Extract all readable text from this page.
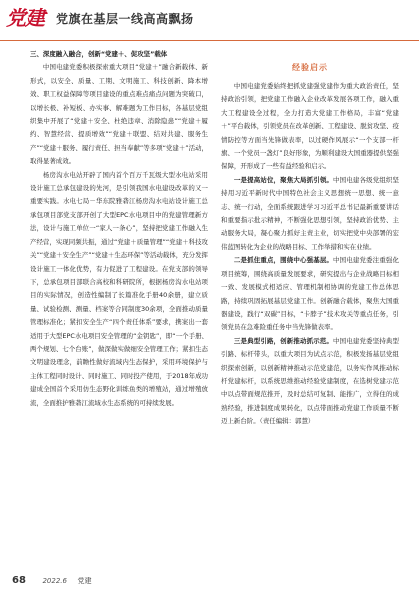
党建	党旗在基层一线高高飘扬

三、深度融入融合，创新“党建＋、促攻坚”载体

中国电建党委积极探索重大项目“党建＋”融合新载体、新形式，以安全、质量、工期、文明施工、科技创新、降本增效、职工权益保障等项目建设的重点难点痛点问题为突破口，以增长极、补短板、办实事、解难题为工作目标，各基层党组织集中开展了“党建＋安全、杜绝违章、消除隐患”“党建＋履约、智慧经营、提质增效”“党建＋联盟、结对共建、服务生产”“党建＋服务、履行责任、担当奉献”等多项“党建＋”活动，取得显著成效。

杨房沟水电站开辟了国内首个百万千瓦级大型水电站采用设计施工总承包建设的先河，是引领我国水电建设改革的又一重要实践。水电七局－华东院雅砻江杨房沟水电站设计施工总承包项目部党支部开创了大型EPC水电项目中的党建管理新方法，设计与施工单位一“家人一条心”，坚持把党建工作融入生产经营，实现同频共振，通过“党建＋质量管理”“党建＋科技攻关”“党建＋安全生产”“党建＋生态环保”等活动载体，充分发挥设计施工一体化优势，有力促进了工程建设。在党支部的领导下，总承包项目部联合高校和科研院所，根据杨房沟水电站项目的实际情况，创造性编制了长篇准化手册40余册，建立质量、试验检测、测量、档案等合同制度30余项，全面推动质量管理标准化；紧扣安全生产“四个责任体系”要求，携案出一套适用于大型EPC水电项目安全管理的“金钥匙”，即“一个手册、两个规划、七个台账”，做深做实做细安全管理工作；紧扣生态文明建设理念，前瞻性做好流域内生态保护，采用环境保护与主体工程同时设计、同时施工、同时投产使用，于2018年成功建成全国首个采用仿生态野化训练鱼类的增殖站，通过增殖放流，全面推护雅砻江流域水生态系统的可持续发展。

经验启示

中国电建党委始终把抓党建强党建作为重大政治责任，坚持政治引领，把党建工作融入企业改革发展各项工作，融入重大工程建设全过程，全力打造大党建工作格局，丰富“党建＋”平台载体，引领党员在改革创新、工程建设、脱贫攻坚、疫情防控等方面当先锋做表率，以过硬作风展示“一个支部一杆旗、一个党员一盏灯”良好形象，为顺利建设大国重器提供坚强保障，开形成了一些有益经验和启示。

一是提高站位，聚焦大局抓引领。中国电建各级党组织坚持用习近平新时代中国特色社会主义思想统一思想、统一意志、统一行动，全面系统跟进学习习近平总书记最新重要讲话和重要指示批示精神，不断强化思想引领，坚持政治优势、主动服务大局，凝心聚力抓好主责主业，切实把党中央部署的宏伟蓝图转化为企业的战略目标、工作举措和实在业绩。

二是抓住重点，围绕中心强基层。中国电建党委注重强化项目统筹，围绕高质量发展要求，研究提出与企业战略目标相一致、发展模式相适应、管理机制相协调的党建工作总体思路，持续巩固拓展基层党建工作。创新融合载体，聚焦大国重器建设，践行“双碳”目标，“卡脖子”技术攻关等重点任务，引领党员在急难险重任务中当先锋做表率。

三是典型引路，创新推动抓示范。中国电建党委坚持典型引路、标杆带头，以重大项目为试点示范，积极发扬基层党组织探索创新，以创新精神推动示范党建范，以务实作风推动标杆党建标杆，以系统思维推动经验党建制度，在选树党建示范中以点带面规范推开，及时总结可复制、能推广，立得住的成熟经验，推进制度成果转化，以点带面推动党建工作质量不断迈上新台阶。（责任编辑：郭慧）

68 2022.6 党建
